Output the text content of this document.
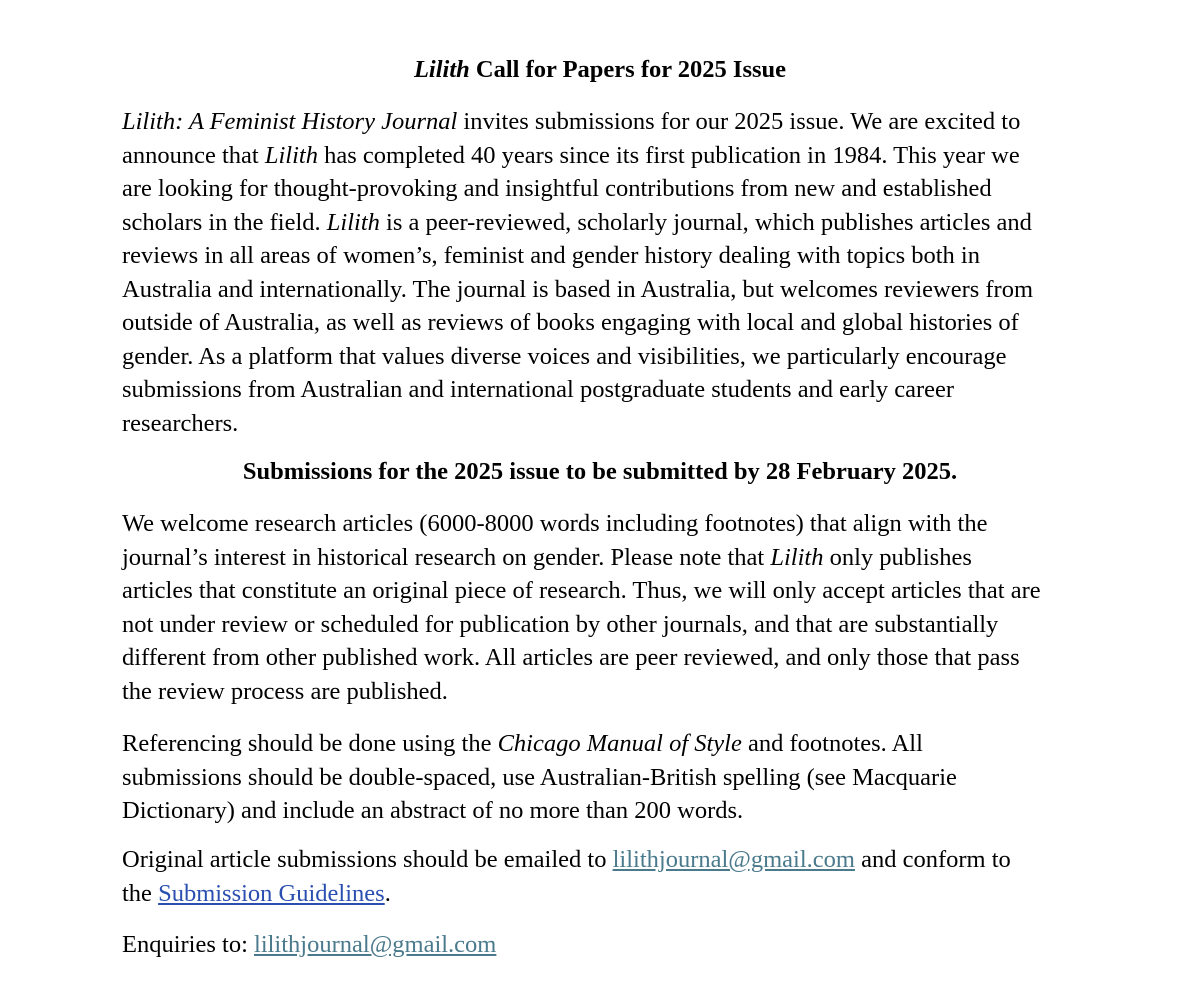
Lilith Call for Papers for 2025 Issue

Lilith: A Feminist History Journal invites submissions for our 2025 issue. We are excited to
announce that Lilith has completed 40 years since its first publication in 1984. This year we
are looking for thought-provoking and insightful contributions from new and established
scholars in the field. Lilith is a peer-reviewed, scholarly journal, which publishes articles and
reviews in all areas of women’s, feminist and gender history dealing with topics both in
Australia and internationally. The journal is based in Australia, but welcomes reviewers from
outside of Australia, as well as reviews of books engaging with local and global histories of
gender. As a platform that values diverse voices and visibilities, we particularly encourage
submissions from Australian and international postgraduate students and early career
researchers.

Submissions for the 2025 issue to be submitted by 28 February 2025.

We welcome research articles (6000-8000 words including footnotes) that align with the
journal’s interest in historical research on gender. Please note that Lilith only publishes
articles that constitute an original piece of research. Thus, we will only accept articles that are
not under review or scheduled for publication by other journals, and that are substantially
different from other published work. All articles are peer reviewed, and only those that pass
the review process are published.

Referencing should be done using the Chicago Manual of Style and footnotes. All
submissions should be double-spaced, use Australian-British spelling (see Macquarie
Dictionary) and include an abstract of no more than 200 words.

Original article submissions should be emailed to lilithjournal@gmail.com and conform to
the Submission Guidelines.

Enquiries to: lilithjournal@gmail.com
